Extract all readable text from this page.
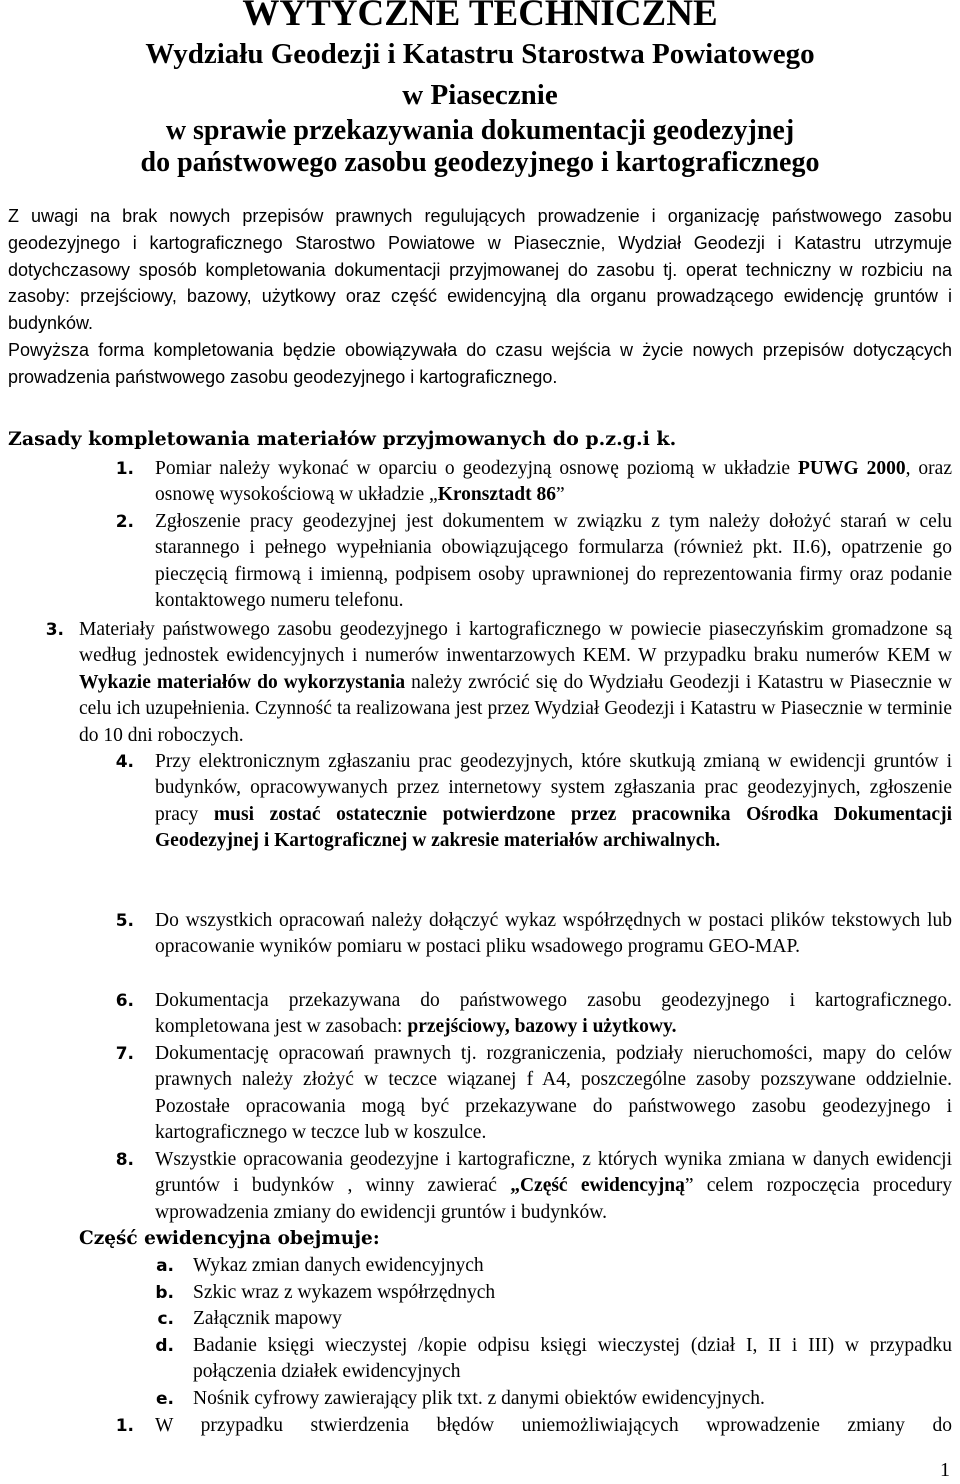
WYTYCZNE TECHNICZNE
Wydziału Geodezji i Katastru Starostwa Powiatowego
w Piasecznie
w sprawie przekazywania dokumentacji geodezyjnej
do państwowego zasobu geodezyjnego i kartograficznego

Z uwagi na brak nowych przepisów prawnych regulujących prowadzenie i organizację państwowego zasobu geodezyjnego i kartograficznego Starostwo Powiatowe w Piasecznie, Wydział Geodezji i Katastru utrzymuje dotychczasowy sposób kompletowania dokumentacji przyjmowanej do zasobu tj. operat techniczny w rozbiciu na zasoby: przejściowy, bazowy, użytkowy oraz część ewidencyjną dla organu prowadzącego ewidencję gruntów i budynków.

Powyższa forma kompletowania będzie obowiązywała do czasu wejścia w życie nowych przepisów dotyczących prowadzenia państwowego zasobu geodezyjnego i kartograficznego.

Zasady kompletowania materiałów przyjmowanych do p.z.g.i k.
1. Pomiar należy wykonać w oparciu o geodezyjną osnowę poziomą w układzie PUWG 2000, oraz osnowę wysokościową w układzie „Kronsztadt 86”

2. Zgłoszenie pracy geodezyjnej jest dokumentem w związku z tym należy dołożyć starań w celu starannego i pełnego wypełniania obowiązującego formularza (również pkt. II.6), opatrzenie go pieczęcią firmową i imienną, podpisem osoby uprawnionej do reprezentowania firmy oraz podanie kontaktowego numeru telefonu.

3. Materiały państwowego zasobu geodezyjnego i kartograficznego w powiecie piaseczyńskim gromadzone są według jednostek ewidencyjnych i numerów inwentarzowych KEM. W przypadku braku numerów KEM w Wykazie materiałów do wykorzystania należy zwrócić się do Wydziału Geodezji i Katastru w Piasecznie w celu ich uzupełnienia. Czynność ta realizowana jest przez Wydział Geodezji i Katastru w Piasecznie w terminie do 10 dni roboczych.

4. Przy elektronicznym zgłaszaniu prac geodezyjnych, które skutkują zmianą w ewidencji gruntów i budynków, opracowywanych przez internetowy system zgłaszania prac geodezyjnych, zgłoszenie pracy musi zostać ostatecznie potwierdzone przez pracownika Ośrodka Dokumentacji Geodezyjnej i Kartograficznej w zakresie materiałów archiwalnych.

5. Do wszystkich opracowań należy dołączyć wykaz współrzędnych w postaci plików tekstowych lub opracowanie wyników pomiaru w postaci pliku wsadowego programu GEO-MAP.

6. Dokumentacja przekazywana do państwowego zasobu geodezyjnego i kartograficznego. kompletowana jest w zasobach: przejściowy, bazowy i użytkowy.

7. Dokumentację opracowań prawnych tj. rozgraniczenia, podziały nieruchomości, mapy do celów prawnych należy złożyć w teczce wiązanej f A4, poszczególne zasoby pozszywane oddzielnie. Pozostałe opracowania mogą być przekazywane do państwowego zasobu geodezyjnego i kartograficznego w teczce lub w koszulce.

8. Wszystkie opracowania geodezyjne i kartograficzne, z których wynika zmiana w danych ewidencji gruntów i budynków , winny zawierać „Część ewidencyjną” celem rozpoczęcia procedury wprowadzenia zmiany do ewidencji gruntów i budynków.

Część ewidencyjna obejmuje:
a. Wykaz zmian danych ewidencyjnych

b. Szkic wraz z wykazem współrzędnych

c. Załącznik mapowy

d. Badanie księgi wieczystej /kopie odpisu księgi wieczystej (dział I, II i III) w przypadku połączenia działek ewidencyjnych

e. Nośnik cyfrowy zawierający plik txt. z danymi obiektów ewidencyjnych.

1. W przypadku stwierdzenia błędów uniemożliwiających wprowadzenie zmiany do

1
